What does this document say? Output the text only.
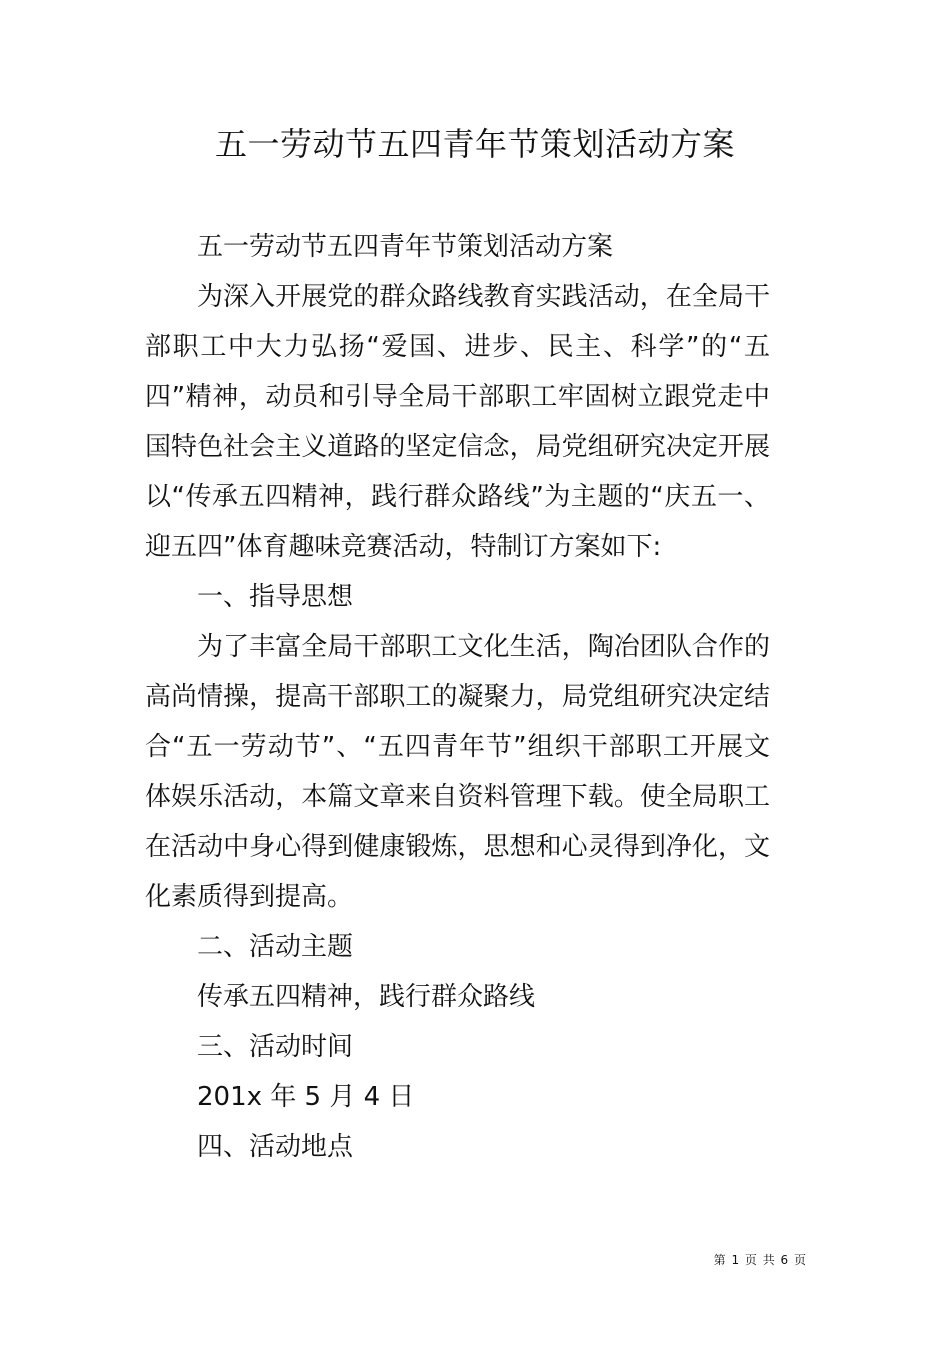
五一劳动节五四青年节策划活动方案

五一劳动节五四青年节策划活动方案

为深入开展党的群众路线教育实践活动，在全局干部职工中大力弘扬“爱国、进步、民主、科学”的“五四”精神，动员和引导全局干部职工牢固树立跟党走中国特色社会主义道路的坚定信念，局党组研究决定开展以“传承五四精神，践行群众路线”为主题的“庆五一、迎五四”体育趣味竞赛活动，特制订方案如下:

一、指导思想

为了丰富全局干部职工文化生活，陶冶团队合作的高尚情操，提高干部职工的凝聚力，局党组研究决定结合“五一劳动节”、“五四青年节”组织干部职工开展文体娱乐活动，本篇文章来自资料管理下载。使全局职工在活动中身心得到健康锻炼，思想和心灵得到净化，文化素质得到提高。

二、活动主题

传承五四精神，践行群众路线

三、活动时间

201x 年 5 月 4 日

四、活动地点

第 1 页 共 6 页
